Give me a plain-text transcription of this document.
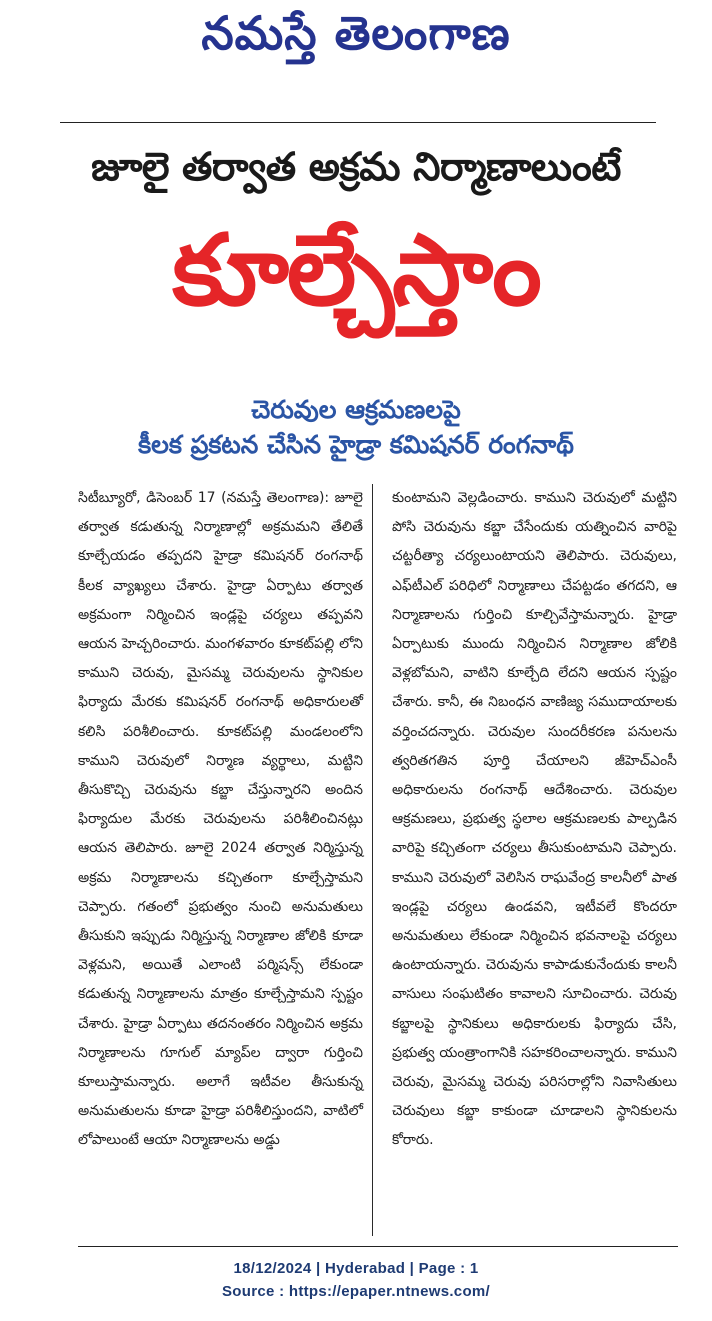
నమస్తే తెలంగాణ
జూలై తర్వాత అక్రమ నిర్మాణాలుంటే
కూల్చేస్తాం
చెరువుల ఆక్రమణలపై
కీలక ప్రకటన చేసిన హైడ్రా కమిషనర్ రంగనాథ్

సిటీబ్యూరో, డిసెంబర్ 17 (నమస్తే తెలంగాణ): జూలై తర్వాత కడుతున్న నిర్మాణాల్లో అక్రమమని తేలితే కూల్చేయడం తప్పదని హైడ్రా కమిషనర్ రంగనాథ్ కీలక వ్యాఖ్యలు చేశారు. హైడ్రా ఏర్పాటు తర్వాత అక్రమంగా నిర్మించిన ఇండ్లపై చర్యలు తప్పవని ఆయన హెచ్చరించారు. మంగళవారం కూకట్‌పల్లి లోని కాముని చెరువు, మైసమ్మ చెరువులను స్థానికుల ఫిర్యాదు మేరకు కమిషనర్ రంగనాథ్ అధికారులతో కలిసి పరిశీలించారు. కూకట్‌పల్లి మండలంలోని కాముని చెరువులో నిర్మాణ వ్యర్థాలు, మట్టిని తీసుకొచ్చి చెరువును కబ్జా చేస్తున్నారని అందిన ఫిర్యాదుల మేరకు చెరువులను పరిశీలించినట్లు ఆయన తెలిపారు. జూలై 2024 తర్వాత నిర్మిస్తున్న అక్రమ నిర్మాణాలను కచ్చితంగా కూల్చేస్తామని చెప్పారు. గతంలో ప్రభుత్వం నుంచి అనుమతులు తీసుకుని ఇప్పుడు నిర్మిస్తున్న నిర్మాణాల జోలికి కూడా వెళ్లమని, అయితే ఎలాంటి పర్మిషన్స్ లేకుండా కడుతున్న నిర్మాణాలను మాత్రం కూల్చేస్తామని స్పష్టం చేశారు. హైడ్రా ఏర్పాటు తదనంతరం నిర్మించిన అక్రమ నిర్మాణాలను గూగుల్ మ్యాప్‌ల ద్వారా గుర్తించి కూలుస్తామన్నారు. అలాగే ఇటీవల తీసుకున్న అనుమతులను కూడా హైడ్రా పరిశీలిస్తుందని, వాటిలో లోపాలుంటే ఆయా నిర్మాణాలను అడ్డు

కుంటామని వెల్లడించారు. కాముని చెరువులో మట్టిని పోసి చెరువును కబ్జా చేసేందుకు యత్నించిన వారిపై చట్టరీత్యా చర్యలుంటాయని తెలిపారు. చెరువులు, ఎఫ్‌టీఎల్ పరిధిలో నిర్మాణాలు చేపట్టడం తగదని, ఆ నిర్మాణాలను గుర్తించి కూల్చివేస్తామన్నారు. హైడ్రా ఏర్పాటుకు ముందు నిర్మించిన నిర్మాణాల జోలికి వెళ్లబోమని, వాటిని కూల్చేది లేదని ఆయన స్పష్టం చేశారు. కానీ, ఈ నిబంధన వాణిజ్య సముదాయాలకు వర్తించదన్నారు. చెరువుల సుందరీకరణ పనులను త్వరితగతిన పూర్తి చేయాలని జీహెచ్‌ఎంసీ అధికారులను రంగనాథ్ ఆదేశించారు. చెరువుల ఆక్రమణలు, ప్రభుత్వ స్థలాల ఆక్రమణలకు పాల్పడిన వారిపై కచ్చితంగా చర్యలు తీసుకుంటామని చెప్పారు. కాముని చెరువులో వెలిసిన రాఘవేంద్ర కాలనీలో పాత ఇండ్లపై చర్యలు ఉండవని, ఇటీవలే కొందరూ అనుమతులు లేకుండా నిర్మించిన భవనాలపై చర్యలు ఉంటాయన్నారు. చెరువును కాపాడుకునేందుకు కాలనీ వాసులు సంఘటితం కావాలని సూచించారు. చెరువు కబ్జాలపై స్థానికులు అధికారులకు ఫిర్యాదు చేసి, ప్రభుత్వ యంత్రాంగానికి సహకరించాలన్నారు. కాముని చెరువు, మైసమ్మ చెరువు పరిసరాల్లోని నివాసితులు చెరువులు కబ్జా కాకుండా చూడాలని స్థానికులను కోరారు.

18/12/2024 | Hyderabad | Page : 1
Source : https://epaper.ntnews.com/
